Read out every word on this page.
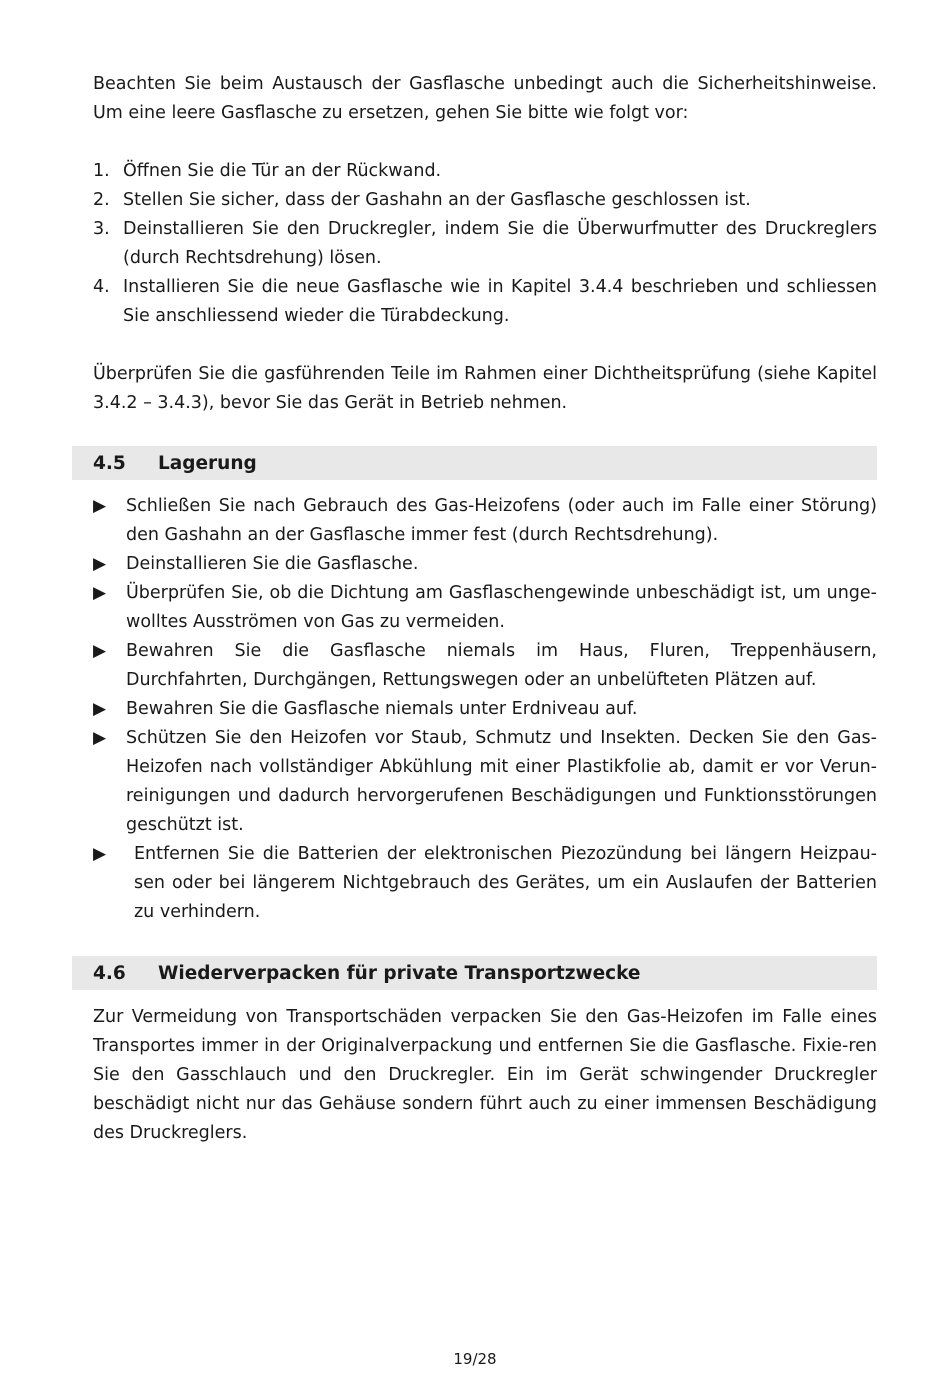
Beachten Sie beim Austausch der Gasflasche unbedingt auch die Sicherheitshinweise. Um eine leere Gasflasche zu ersetzen, gehen Sie bitte wie folgt vor:

1. Öffnen Sie die Tür an der Rückwand.
2. Stellen Sie sicher, dass der Gashahn an der Gasflasche geschlossen ist.
3. Deinstallieren Sie den Druckregler, indem Sie die Überwurfmutter des Druckreglers (durch Rechtsdrehung) lösen.
4. Installieren Sie die neue Gasflasche wie in Kapitel 3.4.4 beschrieben und schliessen Sie anschliessend wieder die Türabdeckung.

Überprüfen Sie die gasführenden Teile im Rahmen einer Dichtheitsprüfung (siehe Kapitel 3.4.2 – 3.4.3), bevor Sie das Gerät in Betrieb nehmen.

4.5	Lagerung
▶ Schließen Sie nach Gebrauch des Gas-Heizofens (oder auch im Falle einer Störung) den Gashahn an der Gasflasche immer fest (durch Rechtsdrehung).
▶ Deinstallieren Sie die Gasflasche.
▶ Überprüfen Sie, ob die Dichtung am Gasflaschengewinde unbeschädigt ist, um unge-wolltes Ausströmen von Gas zu vermeiden.
▶ Bewahren Sie die Gasflasche niemals im Haus, Fluren, Treppenhäusern, Durchfahrten, Durchgängen, Rettungswegen oder an unbelüfteten Plätzen auf.
▶ Bewahren Sie die Gasflasche niemals unter Erdniveau auf.
▶ Schützen Sie den Heizofen vor Staub, Schmutz und Insekten. Decken Sie den Gas-Heizofen nach vollständiger Abkühlung mit einer Plastikfolie ab, damit er vor Verun-reinigungen und dadurch hervorgerufenen Beschädigungen und Funktionsstörungen geschützt ist.
▶ Entfernen Sie die Batterien der elektronischen Piezozündung bei längern Heizpau-sen oder bei längerem Nichtgebrauch des Gerätes, um ein Auslaufen der Batterien zu verhindern.
4.6	Wiederverpacken für private Transportzwecke

Zur Vermeidung von Transportschäden verpacken Sie den Gas-Heizofen im Falle eines Transportes immer in der Originalverpackung und entfernen Sie die Gasflasche. Fixie-ren Sie den Gasschlauch und den Druckregler. Ein im Gerät schwingender Druckregler beschädigt nicht nur das Gehäuse sondern führt auch zu einer immensen Beschädigung des Druckreglers.

19/28
